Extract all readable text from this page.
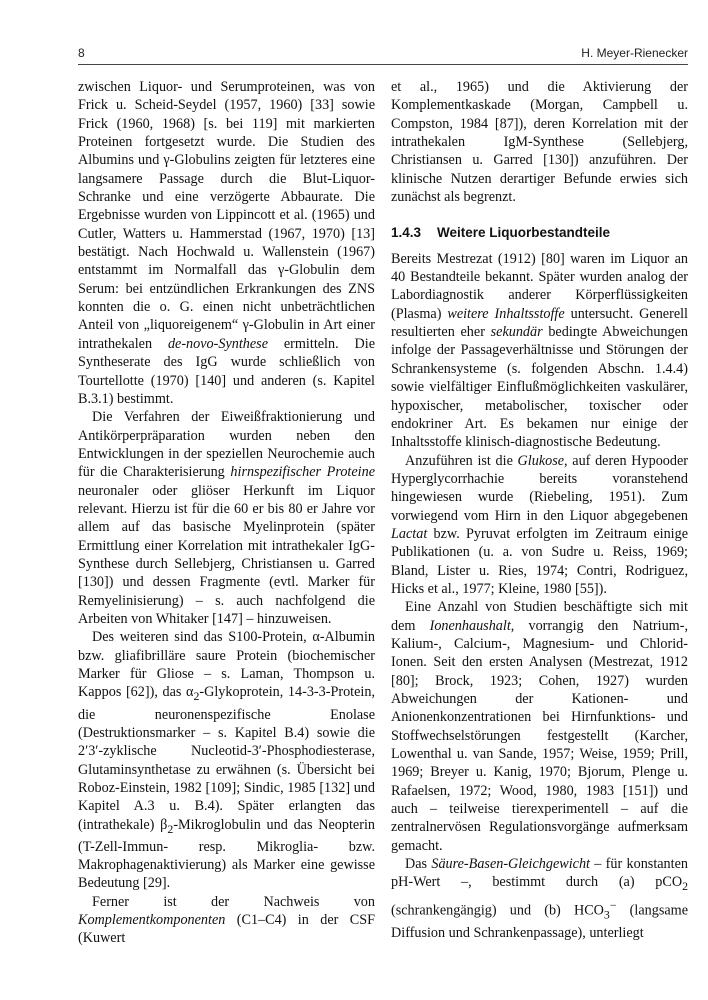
8	H. Meyer-Rienecker

zwischen Liquor- und Serumproteinen, was von Frick u. Scheid-Seydel (1957, 1960) [33] sowie Frick (1960, 1968) [s. bei 119] mit markierten Proteinen fortgesetzt wurde. Die Studien des Albumins und γ-Globulins zeigten für letzteres eine langsamere Passage durch die Blut-Liquor-Schranke und eine verzögerte Abbaurate. Die Ergebnisse wurden von Lippincott et al. (1965) und Cutler, Watters u. Hammerstad (1967, 1970) [13] bestätigt. Nach Hochwald u. Wallenstein (1967) entstammt im Normalfall das γ-Globulin dem Serum: bei entzündlichen Erkrankungen des ZNS konnten die o. G. einen nicht unbeträchtlichen Anteil von „liquoreigenem“ γ-Globulin in Art einer intrathekalen de-novo-Synthese ermitteln. Die Syntheserate des IgG wurde schließlich von Tourtellotte (1970) [140] und anderen (s. Kapitel B.3.1) bestimmt.

Die Verfahren der Eiweißfraktionierung und Antikörperpräparation wurden neben den Entwicklungen in der speziellen Neurochemie auch für die Charakterisierung hirnspezifischer Proteine neuronaler oder gliöser Herkunft im Liquor relevant. Hierzu ist für die 60 er bis 80 er Jahre vor allem auf das basische Myelinprotein (später Ermittlung einer Korrelation mit intrathekaler IgG-Synthese durch Sellebjerg, Christiansen u. Garred [130]) und dessen Fragmente (evtl. Marker für Remyelinisierung) – s. auch nachfolgend die Arbeiten von Whitaker [147] – hinzuweisen.

Des weiteren sind das S100-Protein, α-Albumin bzw. gliafibrilläre saure Protein (biochemischer Marker für Gliose – s. Laman, Thompson u. Kappos [62]), das $\alpha_2$-Glykoprotein, 14-3-3-Protein, die neuronenspezifische Enolase (Destruktionsmarker – s. Kapitel B.4) sowie die 2′3′-zyklische Nucleotid-3′-Phosphodiesterase, Glutaminsynthetase zu erwähnen (s. Übersicht bei Roboz-Einstein, 1982 [109]; Sindic, 1985 [132] und Kapitel A.3 u. B.4). Später erlangten das (intrathekale) $\beta_2$-Mikroglobulin und das Neopterin (T-Zell-Immun- resp. Mikroglia- bzw. Makrophagenaktivierung) als Marker eine gewisse Bedeutung [29].

Ferner ist der Nachweis von Komplementkomponenten (C1–C4) in der CSF (Kuwert

et al., 1965) und die Aktivierung der Komplementkaskade (Morgan, Campbell u. Compston, 1984 [87]), deren Korrelation mit der intrathekalen IgM-Synthese (Sellebjerg, Christiansen u. Garred [130]) anzuführen. Der klinische Nutzen derartiger Befunde erwies sich zunächst als begrenzt.

1.4.3 Weitere Liquorbestandteile

Bereits Mestrezat (1912) [80] waren im Liquor an 40 Bestandteile bekannt. Später wurden analog der Labordiagnostik anderer Körperflüssigkeiten (Plasma) weitere Inhaltsstoffe untersucht. Generell resultierten eher sekundär bedingte Abweichungen infolge der Passageverhältnisse und Störungen der Schrankensysteme (s. folgenden Abschn. 1.4.4) sowie vielfältiger Einflußmöglichkeiten vaskulärer, hypoxischer, metabolischer, toxischer oder endokriner Art. Es bekamen nur einige der Inhaltsstoffe klinisch-diagnostische Bedeutung.

Anzuführen ist die Glukose, auf deren Hypooder Hyperglycorrhachie bereits voranstehend hingewiesen wurde (Riebeling, 1951). Zum vorwiegend vom Hirn in den Liquor abgegebenen Lactat bzw. Pyruvat erfolgten im Zeitraum einige Publikationen (u. a. von Sudre u. Reiss, 1969; Bland, Lister u. Ries, 1974; Contri, Rodriguez, Hicks et al., 1977; Kleine, 1980 [55]).

Eine Anzahl von Studien beschäftigte sich mit dem Ionenhaushalt, vorrangig den Natrium-, Kalium-, Calcium-, Magnesium- und Chlorid-Ionen. Seit den ersten Analysen (Mestrezat, 1912 [80]; Brock, 1923; Cohen, 1927) wurden Abweichungen der Kationen- und Anionenkonzentrationen bei Hirnfunktions- und Stoffwechselstörungen festgestellt (Karcher, Lowenthal u. van Sande, 1957; Weise, 1959; Prill, 1969; Breyer u. Kanig, 1970; Bjorum, Plenge u. Rafaelsen, 1972; Wood, 1980, 1983 [151]) und auch – teilweise tierexperimentell – auf die zentralnervösen Regulationsvorgänge aufmerksam gemacht.

Das Säure-Basen-Gleichgewicht – für konstanten pH-Wert –, bestimmt durch (a) pCO$_2$ (schrankengängig) und (b) $HCO_3^-$ (langsame Diffusion und Schrankenpassage), unterliegt
